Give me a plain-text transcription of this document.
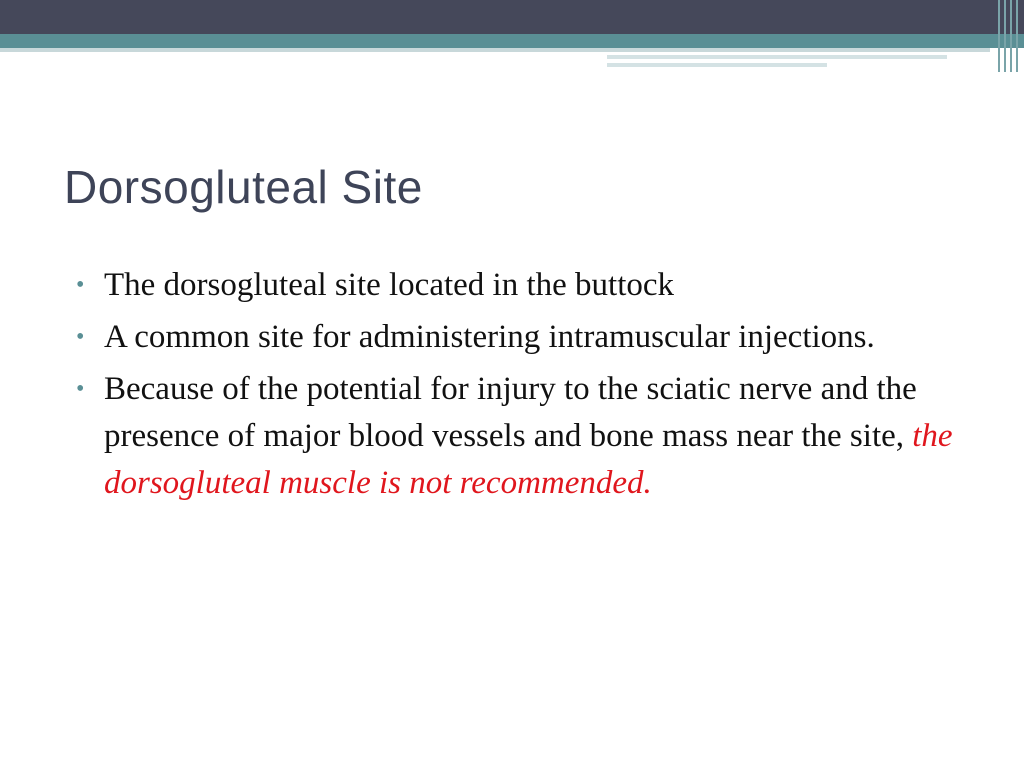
Dorsogluteal Site
• The dorsogluteal site located in the buttock
• A common site for administering intramuscular injections.
• Because of the potential for injury to the sciatic nerve and the presence of major blood vessels and bone mass near the site, the dorsogluteal muscle is not recommended.
